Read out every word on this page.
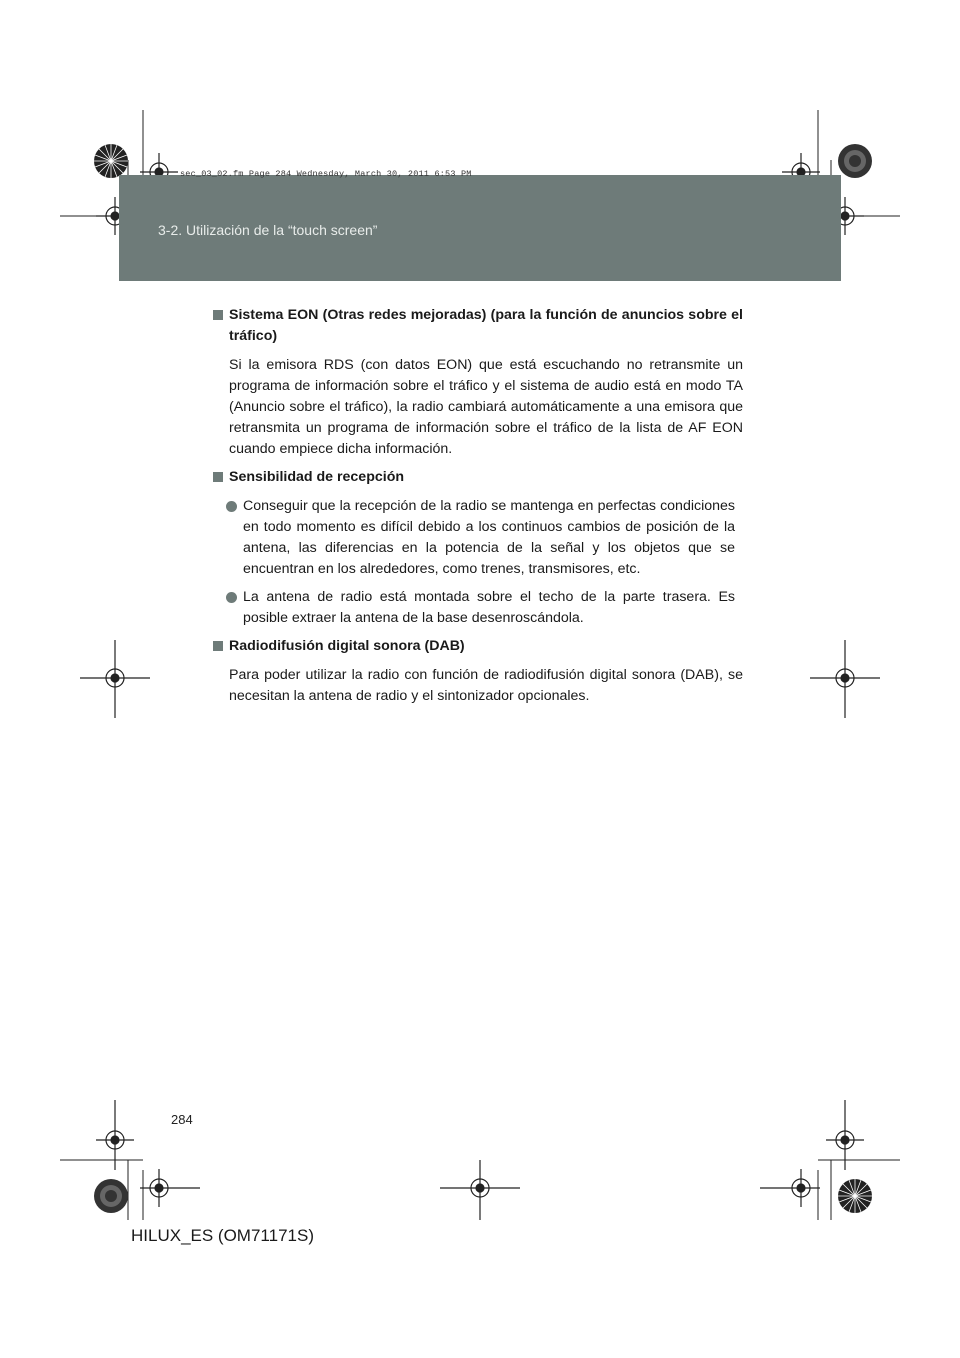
3-2. Utilización de la “touch screen”
sec_03_02.fm Page 284 Wednesday, March 30, 2011 6:53 PM
Sistema EON (Otras redes mejoradas) (para la función de anuncios sobre el tráfico)
Si la emisora RDS (con datos EON) que está escuchando no retransmite un programa de información sobre el tráfico y el sistema de audio está en modo TA (Anuncio sobre el tráfico), la radio cambiará automáticamente a una emisora que retransmita un programa de información sobre el tráfico de la lista de AF EON cuando empiece dicha información.
Sensibilidad de recepción
Conseguir que la recepción de la radio se mantenga en perfectas condiciones en todo momento es difícil debido a los continuos cambios de posición de la antena, las diferencias en la potencia de la señal y los objetos que se encuentran en los alrededores, como trenes, transmisores, etc.
La antena de radio está montada sobre el techo de la parte trasera. Es posible extraer la antena de la base desenroscándola.
Radiodifusión digital sonora (DAB)
Para poder utilizar la radio con función de radiodifusión digital sonora (DAB), se necesitan la antena de radio y el sintonizador opcionales.
284
HILUX_ES (OM71171S)
